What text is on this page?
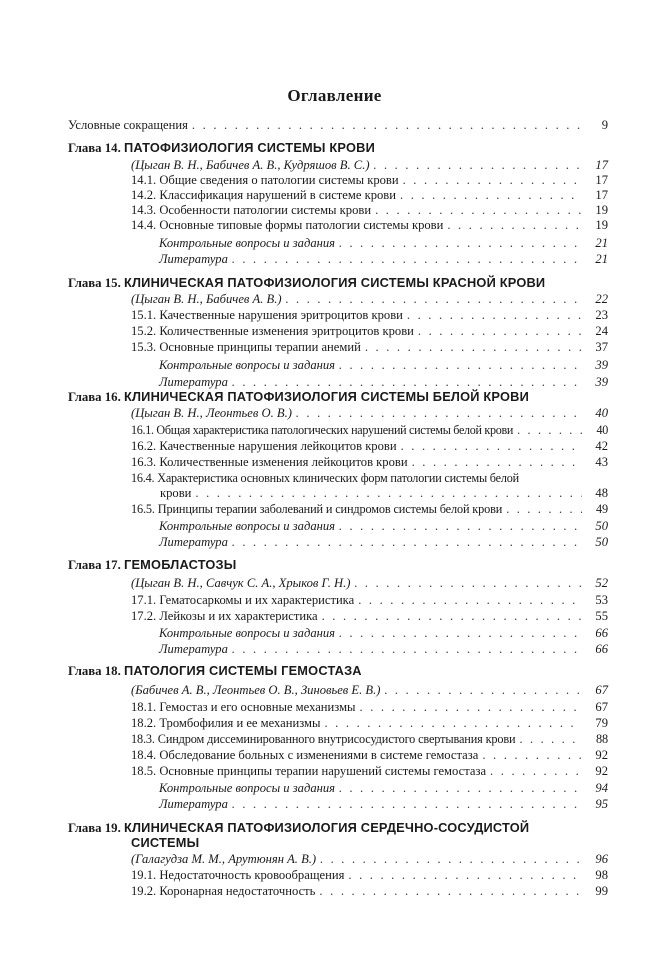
Оглавление
Условные сокращения . . .	9
Глава 14. ПАТОФИЗИОЛОГИЯ СИСТЕМЫ КРОВИ
(Цыган В. Н., Бабичев А. В., Кудряшов В. С.) . . .	17
14.1. Общие сведения о патологии системы крови . . .	17
14.2. Классификация нарушений в системе крови . . .	17
14.3. Особенности патологии системы крови . . .	19
14.4. Основные типовые формы патологии системы крови . . .	19
Контрольные вопросы и задания . . .	21
Литература . . .	21
Глава 15. КЛИНИЧЕСКАЯ ПАТОФИЗИОЛОГИЯ СИСТЕМЫ КРАСНОЙ КРОВИ
(Цыган В. Н., Бабичев А. В.) . . .	22
15.1. Качественные нарушения эритроцитов крови . . .	23
15.2. Количественные изменения эритроцитов крови . . .	24
15.3. Основные принципы терапии анемий . . .	37
Контрольные вопросы и задания . . .	39
Литература . . .	39
Глава 16. КЛИНИЧЕСКАЯ ПАТОФИЗИОЛОГИЯ СИСТЕМЫ БЕЛОЙ КРОВИ
(Цыган В. Н., Леонтьев О. В.) . . .	40
16.1. Общая характеристика патологических нарушений системы белой крови . . .	40
16.2. Качественные нарушения лейкоцитов крови . . .	42
16.3. Количественные изменения лейкоцитов крови . . .	43
16.4. Характеристика основных клинических форм патологии системы белой
крови . . .	48
16.5. Принципы терапии заболеваний и синдромов системы белой крови . . .	49
Контрольные вопросы и задания . . .	50
Литература . . .	50
Глава 17. ГЕМОБЛАСТОЗЫ
(Цыган В. Н., Савчук С. А., Хрыков Г. Н.) . . .	52
17.1. Гематосаркомы и их характеристика . . .	53
17.2. Лейкозы и их характеристика . . .	55
Контрольные вопросы и задания . . .	66
Литература . . .	66
Глава 18. ПАТОЛОГИЯ СИСТЕМЫ ГЕМОСТАЗА
(Бабичев А. В., Леонтьев О. В., Зиновьев Е. В.) . . .	67
18.1. Гемостаз и его основные механизмы . . .	67
18.2. Тромбофилия и ее механизмы . . .	79
18.3. Синдром диссеминированного внутрисосудистого свертывания крови . . .	88
18.4. Обследование больных с изменениями в системе гемостаза . . .	92
18.5. Основные принципы терапии нарушений системы гемостаза . . .	92
Контрольные вопросы и задания . . .	94
Литература . . .	95
Глава 19. КЛИНИЧЕСКАЯ ПАТОФИЗИОЛОГИЯ СЕРДЕЧНО-СОСУДИСТОЙ
СИСТЕМЫ
(Галагудза М. М., Арутюнян А. В.) . . .	96
19.1. Недостаточность кровообращения . . .	98
19.2. Коронарная недостаточность . . .	99
